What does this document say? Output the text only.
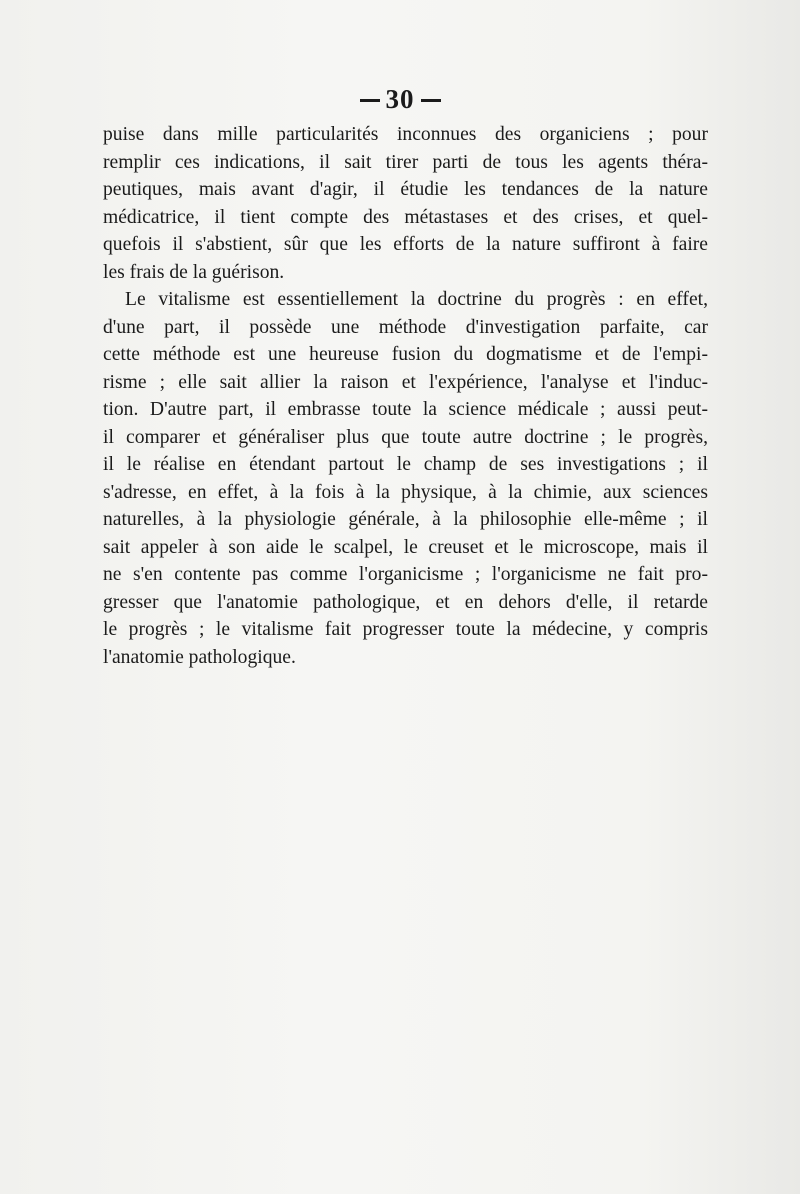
30
puise dans mille particularités inconnues des organiciens ; pour
remplir ces indications, il sait tirer parti de tous les agents théra-
peutiques, mais avant d'agir, il étudie les tendances de la nature
médicatrice, il tient compte des métastases et des crises, et quel-
quefois il s'abstient, sûr que les efforts de la nature suffiront à faire
les frais de la guérison.
Le vitalisme est essentiellement la doctrine du progrès : en effet,
d'une part, il possède une méthode d'investigation parfaite, car
cette méthode est une heureuse fusion du dogmatisme et de l'empi-
risme ; elle sait allier la raison et l'expérience, l'analyse et l'induc-
tion. D'autre part, il embrasse toute la science médicale ; aussi peut-
il comparer et généraliser plus que toute autre doctrine ; le progrès,
il le réalise en étendant partout le champ de ses investigations ; il
s'adresse, en effet, à la fois à la physique, à la chimie, aux sciences
naturelles, à la physiologie générale, à la philosophie elle-même ; il
sait appeler à son aide le scalpel, le creuset et le microscope, mais il
ne s'en contente pas comme l'organicisme ; l'organicisme ne fait pro-
gresser que l'anatomie pathologique, et en dehors d'elle, il retarde
le progrès ; le vitalisme fait progresser toute la médecine, y compris
l'anatomie pathologique.
